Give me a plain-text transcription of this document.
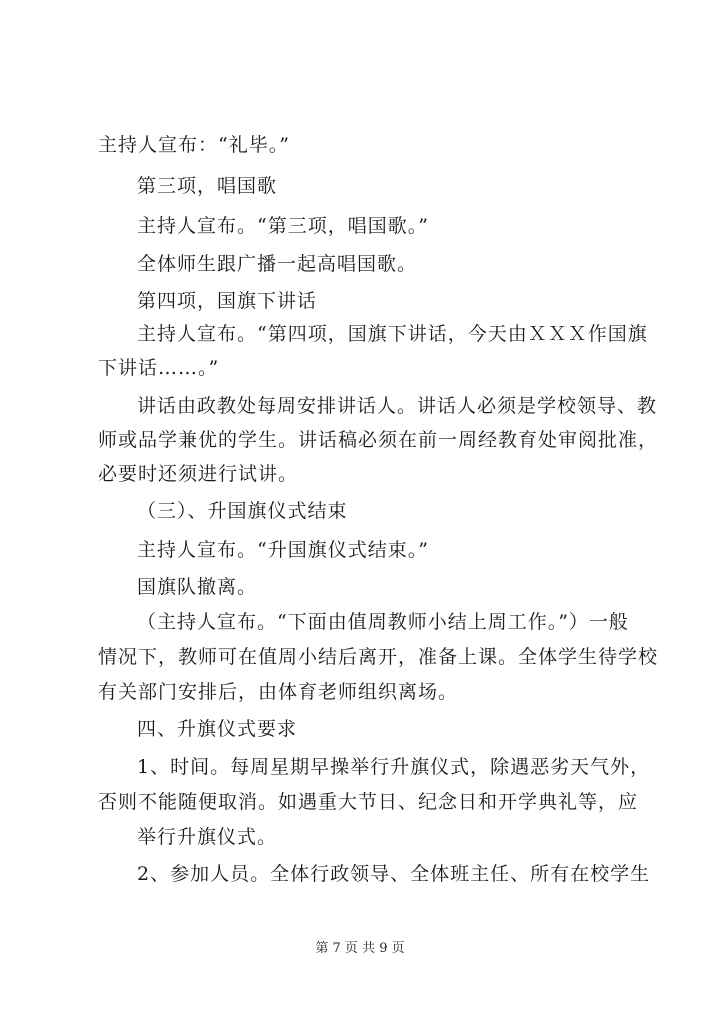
主持人宣布：“礼毕。”
第三项，唱国歌
主持人宣布。“第三项，唱国歌。”
全体师生跟广播一起高唱国歌。
第四项，国旗下讲话
主持人宣布。“第四项，国旗下讲话，今天由ＸＸＸ作国旗
下讲话……。”
讲话由政教处每周安排讲话人。讲话人必须是学校领导、教
师或品学兼优的学生。讲话稿必须在前一周经教育处审阅批准，
必要时还须进行试讲。
（三）、升国旗仪式结束
主持人宣布。“升国旗仪式结束。”
国旗队撤离。
（主持人宣布。“下面由值周教师小结上周工作。”）一般
情况下，教师可在值周小结后离开，准备上课。全体学生待学校
有关部门安排后，由体育老师组织离场。
四、升旗仪式要求
1、时间。每周星期早操举行升旗仪式，除遇恶劣天气外，
否则不能随便取消。如遇重大节日、纪念日和开学典礼等，应
举行升旗仪式。
2、参加人员。全体行政领导、全体班主任、所有在校学生
第 7 页 共 9 页
